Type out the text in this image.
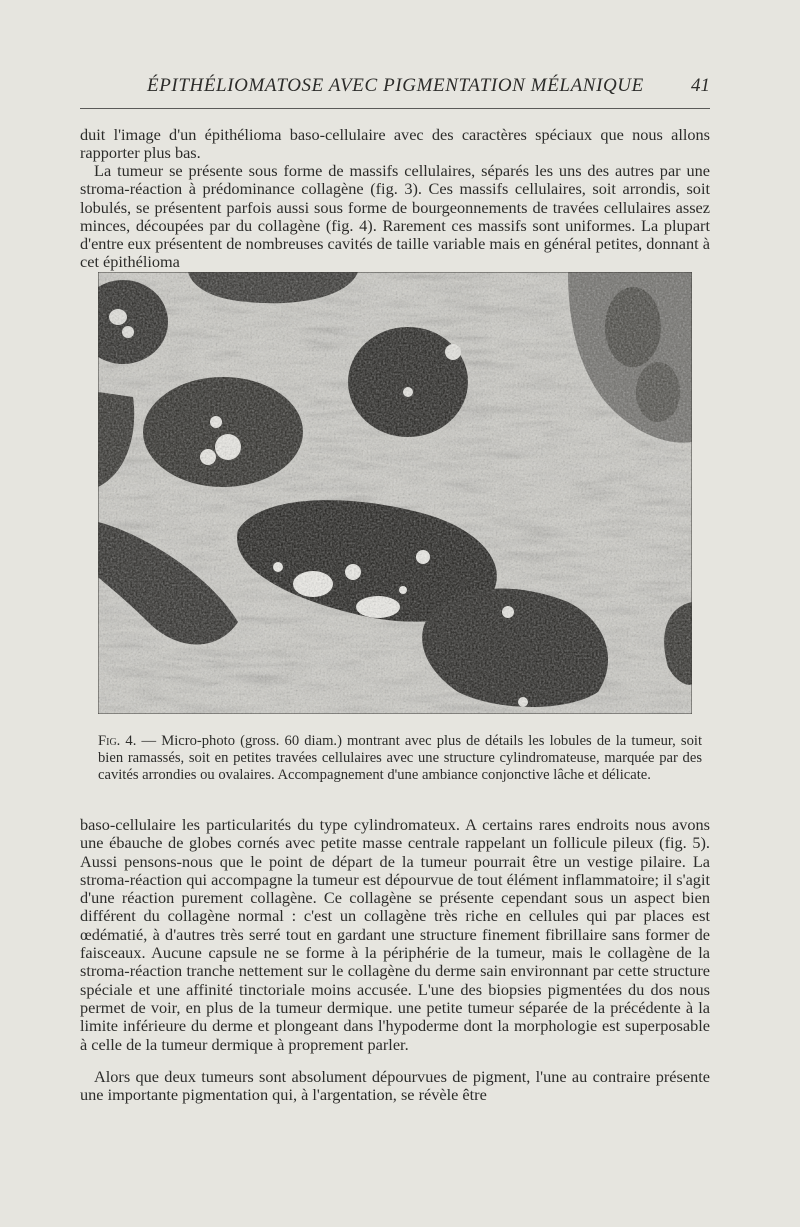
ÉPITHÉLIOMATOSE AVEC PIGMENTATION MÉLANIQUE 41

duit l'image d'un épithélioma baso-cellulaire avec des caractères spéciaux que nous allons rapporter plus bas.

La tumeur se présente sous forme de massifs cellulaires, séparés les uns des autres par une stroma-réaction à prédominance collagène (fig. 3). Ces massifs cellulaires, soit arrondis, soit lobulés, se présentent parfois aussi sous forme de bourgeonnements de travées cellulaires assez minces, découpées par du collagène (fig. 4). Rarement ces massifs sont uniformes. La plupart d'entre eux présentent de nombreuses cavités de taille variable mais en général petites, donnant à cet épithélioma

Fig. 4. — Micro-photo (gross. 60 diam.) montrant avec plus de détails les lobules de la tumeur, soit bien ramassés, soit en petites travées cellulaires avec une structure cylindromateuse, marquée par des cavités arrondies ou ovalaires. Accompagnement d'une ambiance conjonctive lâche et délicate.

baso-cellulaire les particularités du type cylindromateux. A certains rares endroits nous avons une ébauche de globes cornés avec petite masse centrale rappelant un follicule pileux (fig. 5). Aussi pensons-nous que le point de départ de la tumeur pourrait être un vestige pilaire. La stroma-réaction qui accompagne la tumeur est dépourvue de tout élément inflammatoire; il s'agit d'une réaction purement collagène. Ce collagène se présente cependant sous un aspect bien différent du collagène normal : c'est un collagène très riche en cellules qui par places est œdématié, à d'autres très serré tout en gardant une structure finement fibrillaire sans former de faisceaux. Aucune capsule ne se forme à la périphérie de la tumeur, mais le collagène de la stroma-réaction tranche nettement sur le collagène du derme sain environnant par cette structure spéciale et une affinité tinctoriale moins accusée. L'une des biopsies pigmentées du dos nous permet de voir, en plus de la tumeur dermique. une petite tumeur séparée de la précédente à la limite inférieure du derme et plongeant dans l'hypoderme dont la morphologie est superposable à celle de la tumeur dermique à proprement parler.

Alors que deux tumeurs sont absolument dépourvues de pigment, l'une au contraire présente une importante pigmentation qui, à l'argentation, se révèle être
